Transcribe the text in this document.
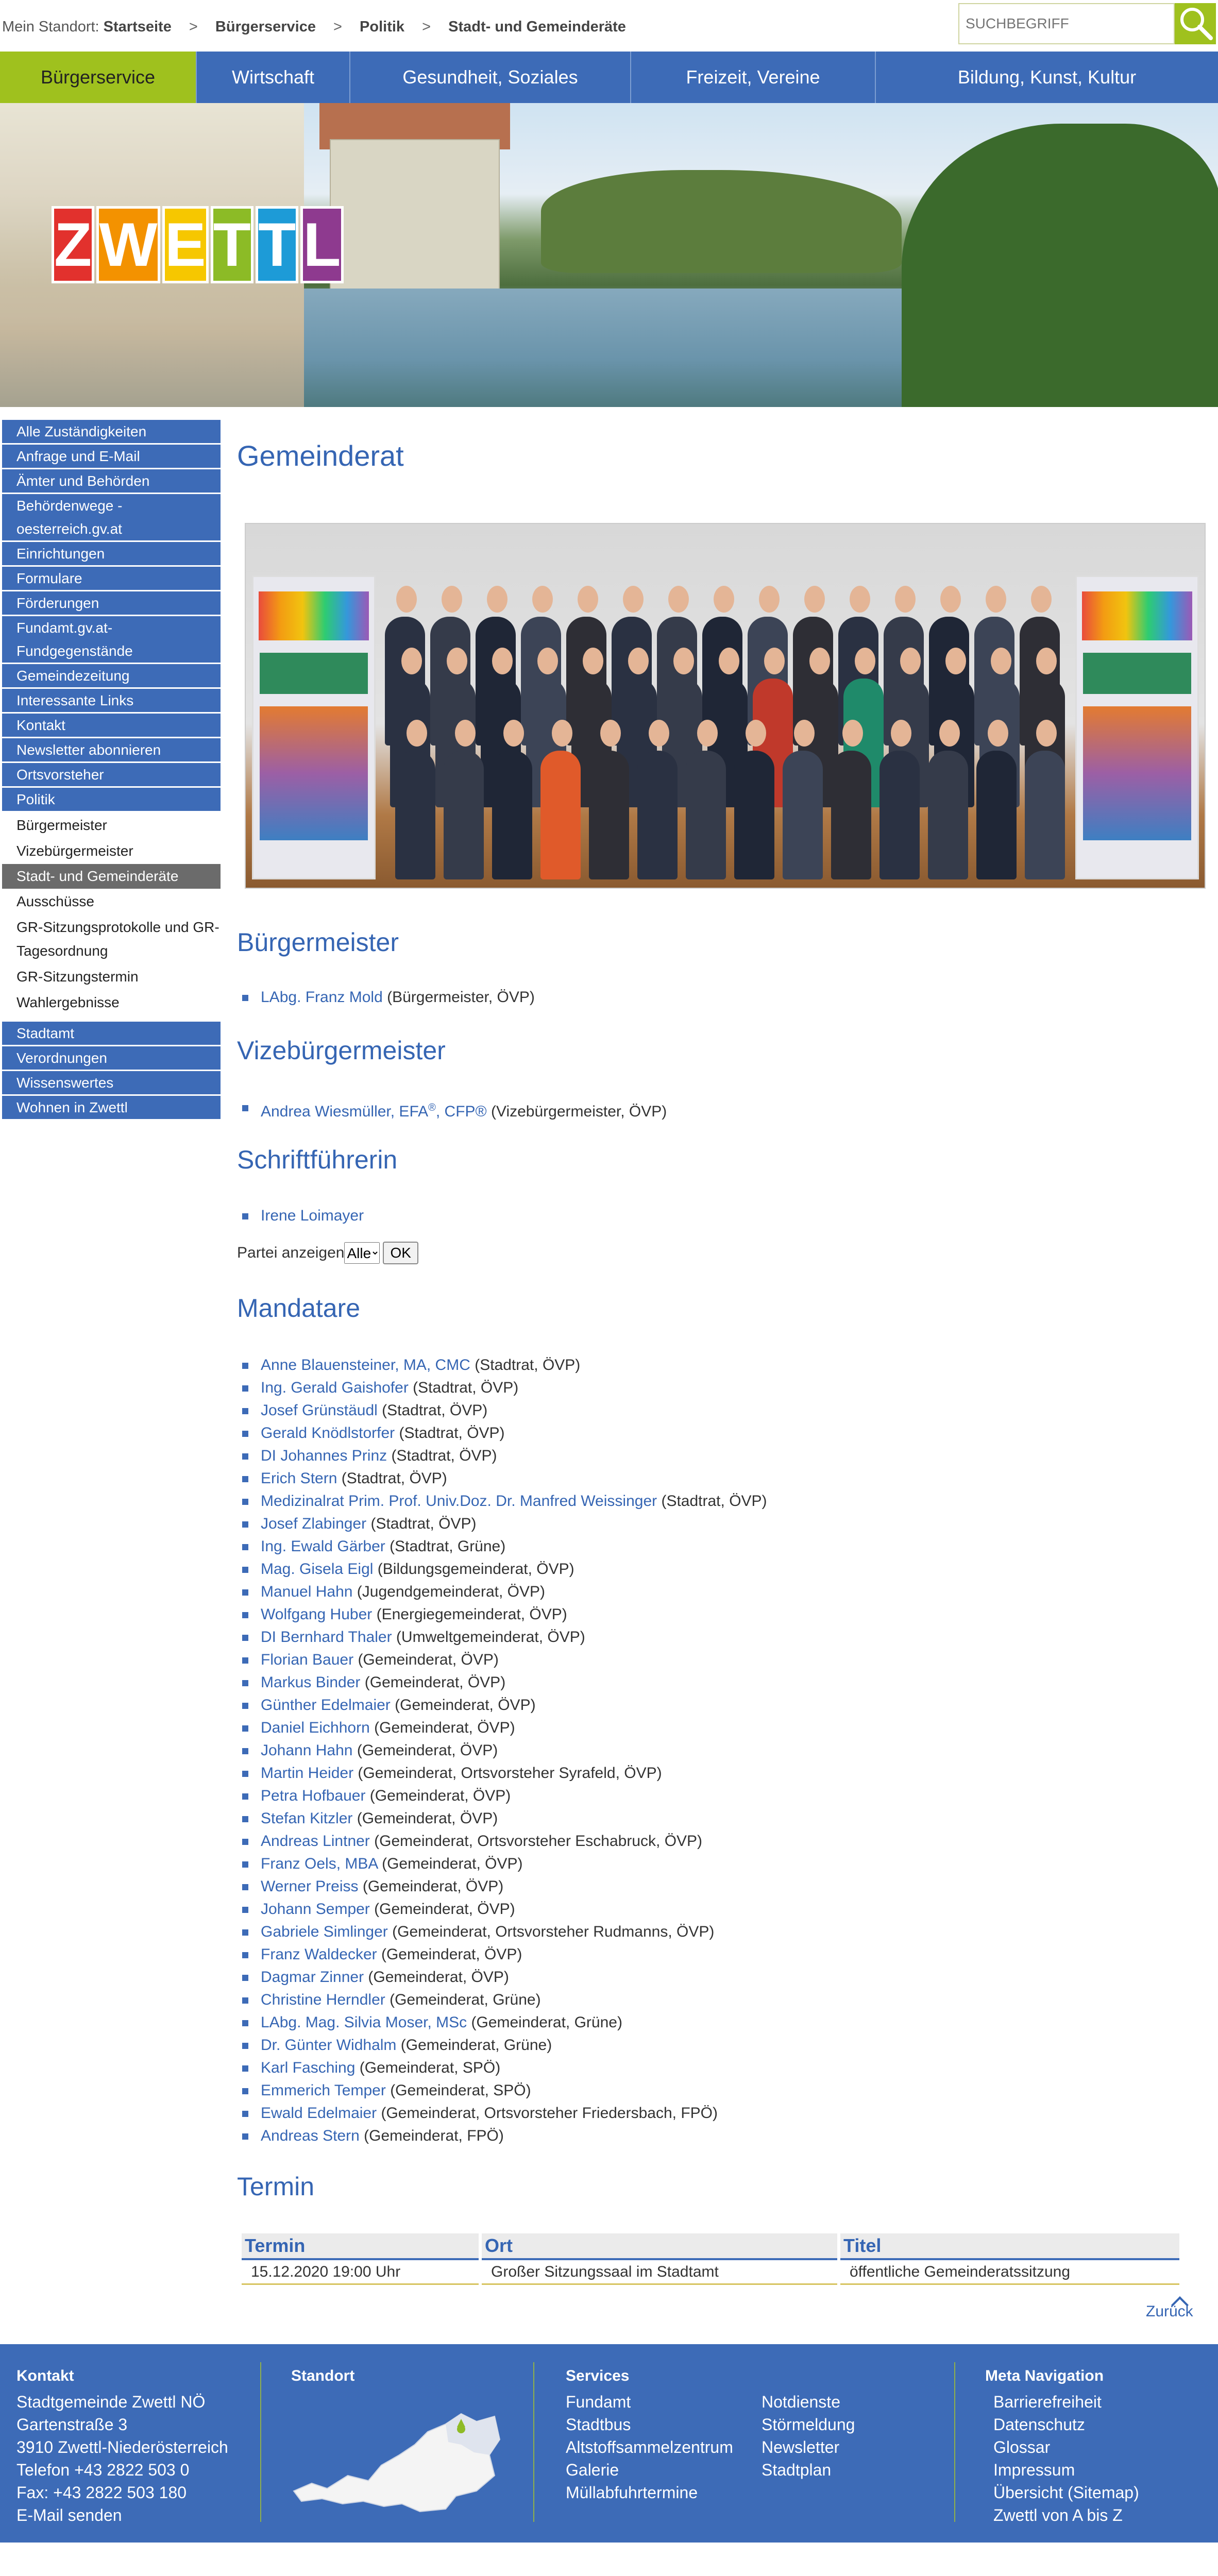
Mein Standort: Startseite > Bürgerservice > Politik > Stadt- und Gemeinderäte
SUCHBEGRIFF
Bürgerservice	Wirtschaft	Gesundheit, Soziales	Freizeit, Vereine	Bildung, Kunst, Kultur
Z W E T T L
Alle Zuständigkeiten
Anfrage und E-Mail
Ämter und Behörden
Behördenwege - oesterreich.gv.at
Einrichtungen
Formulare
Förderungen
Fundamt.gv.at-Fundgegenstände
Gemeindezeitung
Interessante Links
Kontakt
Newsletter abonnieren
Ortsvorsteher
Politik
Bürgermeister
Vizebürgermeister
Stadt- und Gemeinderäte
Ausschüsse
GR-Sitzungsprotokolle und GR-Tagesordnung
GR-Sitzungstermin
Wahlergebnisse
Stadtamt
Verordnungen
Wissenswertes
Wohnen in Zwettl
Gemeinderat
Bürgermeister
LAbg. Franz Mold (Bürgermeister, ÖVP)
Vizebürgermeister
Andrea Wiesmüller, EFA®, CFP® (Vizebürgermeister, ÖVP)
Schriftführerin
Irene Loimayer
Partei anzeigen
Alle	OK
Mandatare
Anne Blauensteiner, MA, CMC (Stadtrat, ÖVP)
Ing. Gerald Gaishofer (Stadtrat, ÖVP)
Josef Grünstäudl (Stadtrat, ÖVP)
Gerald Knödlstorfer (Stadtrat, ÖVP)
DI Johannes Prinz (Stadtrat, ÖVP)
Erich Stern (Stadtrat, ÖVP)
Medizinalrat Prim. Prof. Univ.Doz. Dr. Manfred Weissinger (Stadtrat, ÖVP)
Josef Zlabinger (Stadtrat, ÖVP)
Ing. Ewald Gärber (Stadtrat, Grüne)
Mag. Gisela Eigl (Bildungsgemeinderat, ÖVP)
Manuel Hahn (Jugendgemeinderat, ÖVP)
Wolfgang Huber (Energiegemeinderat, ÖVP)
DI Bernhard Thaler (Umweltgemeinderat, ÖVP)
Florian Bauer (Gemeinderat, ÖVP)
Markus Binder (Gemeinderat, ÖVP)
Günther Edelmaier (Gemeinderat, ÖVP)
Daniel Eichhorn (Gemeinderat, ÖVP)
Johann Hahn (Gemeinderat, ÖVP)
Martin Heider (Gemeinderat, Ortsvorsteher Syrafeld, ÖVP)
Petra Hofbauer (Gemeinderat, ÖVP)
Stefan Kitzler (Gemeinderat, ÖVP)
Andreas Lintner (Gemeinderat, Ortsvorsteher Eschabruck, ÖVP)
Franz Oels, MBA (Gemeinderat, ÖVP)
Werner Preiss (Gemeinderat, ÖVP)
Johann Semper (Gemeinderat, ÖVP)
Gabriele Simlinger (Gemeinderat, Ortsvorsteher Rudmanns, ÖVP)
Franz Waldecker (Gemeinderat, ÖVP)
Dagmar Zinner (Gemeinderat, ÖVP)
Christine Herndler (Gemeinderat, Grüne)
LAbg. Mag. Silvia Moser, MSc (Gemeinderat, Grüne)
Dr. Günter Widhalm (Gemeinderat, Grüne)
Karl Fasching (Gemeinderat, SPÖ)
Emmerich Temper (Gemeinderat, SPÖ)
Ewald Edelmaier (Gemeinderat, Ortsvorsteher Friedersbach, FPÖ)
Andreas Stern (Gemeinderat, FPÖ)
Termin
Termin	Ort	Titel
15.12.2020 19:00 Uhr	Großer Sitzungssaal im Stadtamt	öffentliche Gemeinderatssitzung
Zurück
Kontakt
Stadtgemeinde Zwettl NÖ
Gartenstraße 3
3910 Zwettl-Niederösterreich
Telefon +43 2822 503 0
Fax: +43 2822 503 180
E-Mail senden
Standort	Services
Fundamt
Stadtbus
Altstoffsammelzentrum
Galerie
Müllabfuhrtermine
Notdienste
Störmeldung
Newsletter
Stadtplan
Meta Navigation
Barrierefreiheit
Datenschutz
Glossar
Impressum
Übersicht (Sitemap)
Zwettl von A bis Z
